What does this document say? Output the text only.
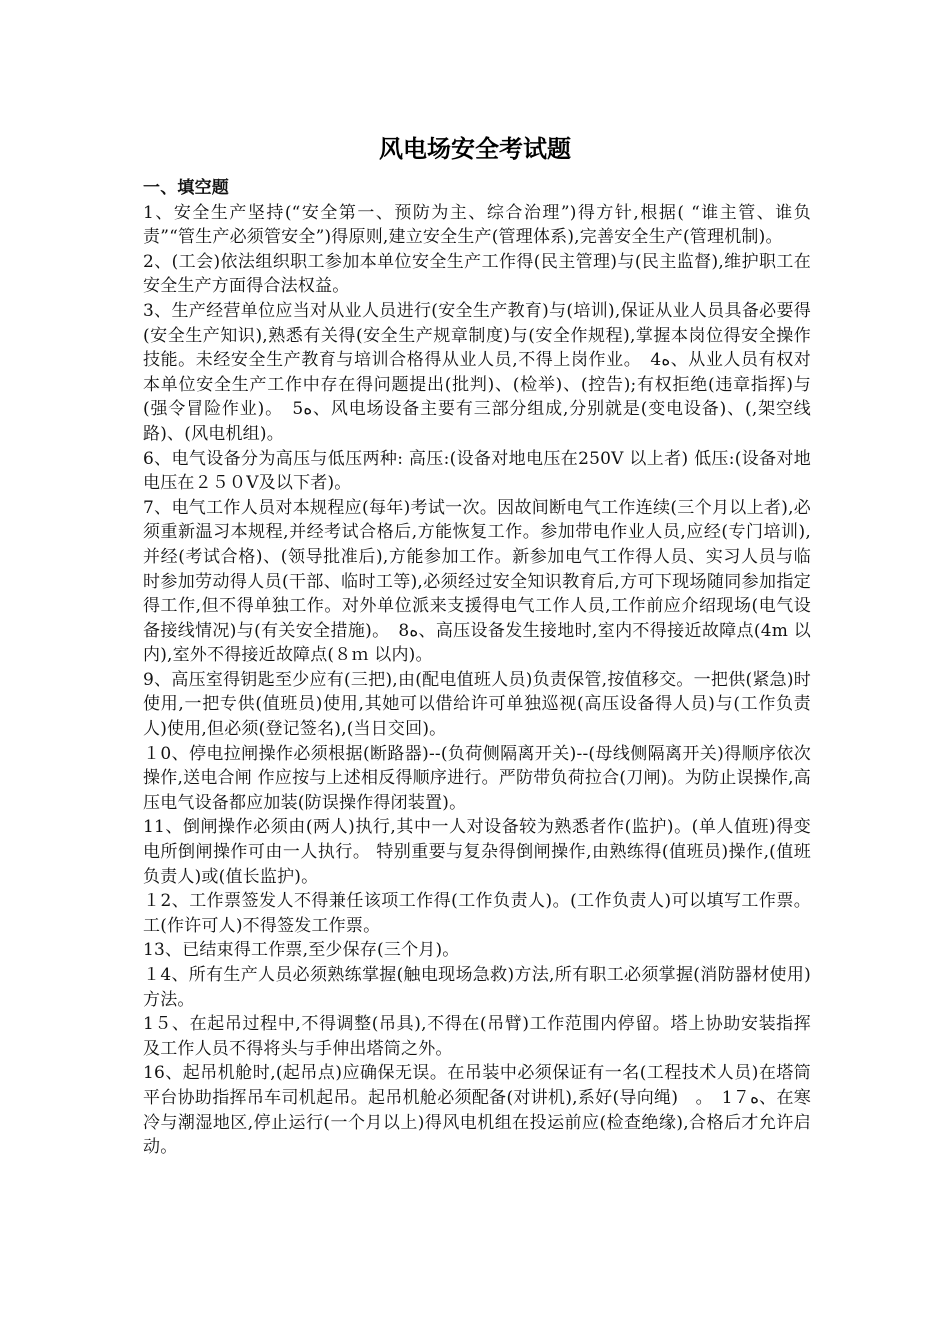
风电场安全考试题

一、填空题

1、安全生产坚持(“安全第一、预防为主、综合治理”)得方针,根据( “谁主管、谁负责”“管生产必须管安全”)得原则,建立安全生产(管理体系),完善安全生产(管理机制)。

2、(工会)依法组织职工参加本单位安全生产工作得(民主管理)与(民主监督),维护职工在安全生产方面得合法权益。

3、生产经营单位应当对从业人员进行(安全生产教育)与(培训),保证从业人员具备必要得(安全生产知识),熟悉有关得(安全生产规章制度)与(安全作规程),掌握本岗位得安全操作技能。未经安全生产教育与培训合格得从业人员,不得上岗作业。　4ﻩ、从业人员有权对本单位安全生产工作中存在得问题提出(批判)、(检举)、(控告);有权拒绝(违章指挥)与(强令冒险作业)。　5ﻩ、风电场设备主要有三部分组成,分别就是(变电设备)、(,架空线路)、(风电机组)。

6、电气设备分为高压与低压两种: 高压:(设备对地电压在250V 以上者) 低压:(设备对地电压在２５０V及以下者)。

7、电气工作人员对本规程应(每年)考试一次。因故间断电气工作连续(三个月以上者),必须重新温习本规程,并经考试合格后,方能恢复工作。参加带电作业人员,应经(专门培训),并经(考试合格)、(领导批准后),方能参加工作。新参加电气工作得人员、实习人员与临时参加劳动得人员(干部、临时工等),必须经过安全知识教育后,方可下现场随同参加指定得工作,但不得单独工作。对外单位派来支援得电气工作人员,工作前应介绍现场(电气设备接线情况)与(有关安全措施)。　8ﻩ、高压设备发生接地时,室内不得接近故障点(4m 以内),室外不得接近故障点(８ｍ 以内)。

9、高压室得钥匙至少应有(三把),由(配电值班人员)负责保管,按值移交。一把供(紧急)时使用,一把专供(值班员)使用,其她可以借给许可单独巡视(高压设备得人员)与(工作负责人)使用,但必须(登记签名),(当日交回)。

１0、停电拉闸操作必须根据(断路器)--(负荷侧隔离开关)--(母线侧隔离开关)得顺序依次操作,送电合闸 作应按与上述相反得顺序进行。严防带负荷拉合(刀闸)。为防止误操作,高压电气设备都应加装(防误操作得闭装置)。

11、倒闸操作必须由(两人)执行,其中一人对设备较为熟悉者作(监护)。(单人值班)得变电所倒闸操作可由一人执行。 特别重要与复杂得倒闸操作,由熟练得(值班员)操作,(值班负责人)或(值长监护)。

１2、工作票签发人不得兼任该项工作得(工作负责人)。(工作负责人)可以填写工作票。工(作许可人)不得签发工作票。

13、已结束得工作票,至少保存(三个月)。

１4、所有生产人员必须熟练掌握(触电现场急救)方法,所有职工必须掌握(消防器材使用)方法。

1５、在起吊过程中,不得调整(吊具),不得在(吊臂)工作范围内停留。塔上协助安装指挥及工作人员不得将头与手伸出塔筒之外。

16、起吊机舱时,(起吊点)应确保无误。在吊装中必须保证有一名(工程技术人员)在塔筒平台协助指挥吊车司机起吊。起吊机舱必须配备(对讲机),系好(导向绳)　。　1７ﻩ、在寒冷与潮湿地区,停止运行(一个月以上)得风电机组在投运前应(检查绝缘),合格后才允许启动。
